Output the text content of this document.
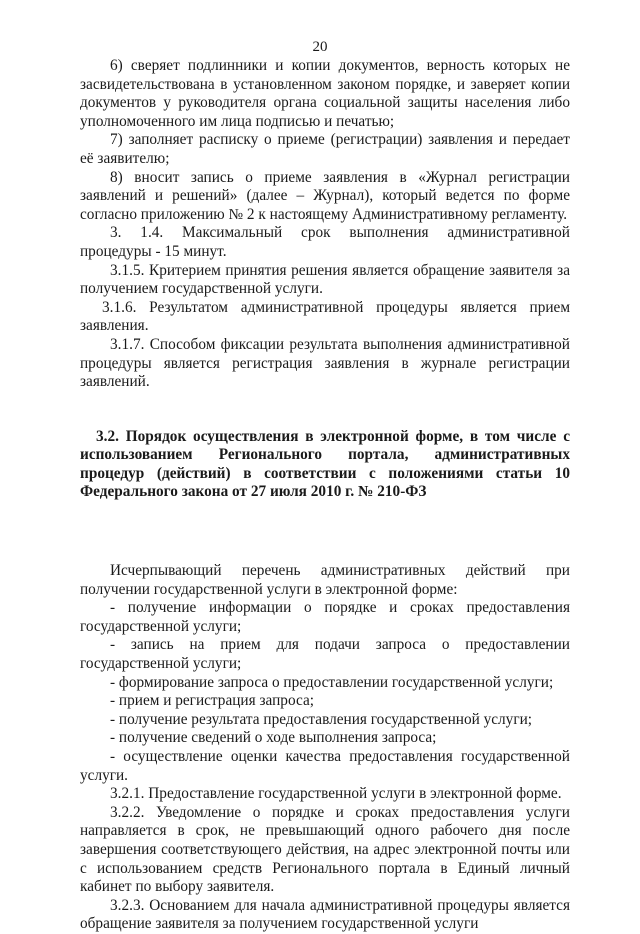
20

6) сверяет подлинники и копии документов, верность которых не засвидетельствована в установленном законом порядке, и заверяет копии документов у руководителя органа социальной защиты населения либо уполномоченного им лица подписью и печатью;

7) заполняет расписку о приеме (регистрации) заявления и передает её заявителю;

8) вносит запись о приеме заявления в «Журнал регистрации заявлений и решений» (далее – Журнал), который ведется по форме согласно приложению № 2 к настоящему Административному регламенту.

3. 1.4. Максимальный срок выполнения административной процедуры - 15 минут.

3.1.5. Критерием принятия решения является обращение заявителя за получением государственной услуги.

3.1.6. Результатом административной процедуры является прием заявления.

3.1.7. Способом фиксации результата выполнения административной процедуры является регистрация заявления в журнале регистрации заявлений.

3.2. Порядок осуществления в электронной форме, в том числе с использованием Регионального портала, административных процедур (действий) в соответствии с положениями статьи 10 Федерального закона от 27 июля 2010 г. № 210-ФЗ

Исчерпывающий перечень административных действий при получении государственной услуги в электронной форме:

- получение информации о порядке и сроках предоставления государственной услуги;

- запись на прием для подачи запроса о предоставлении государственной услуги;

- формирование запроса о предоставлении государственной услуги;

- прием и регистрация запроса;

- получение результата предоставления государственной услуги;

- получение сведений о ходе выполнения запроса;

- осуществление оценки качества предоставления государственной услуги.

3.2.1. Предоставление государственной услуги в электронной форме.

3.2.2. Уведомление о порядке и сроках предоставления услуги направляется в срок, не превышающий одного рабочего дня после завершения соответствующего действия, на адрес электронной почты или с использованием средств Регионального портала в Единый личный кабинет по выбору заявителя.

3.2.3. Основанием для начала административной процедуры является обращение заявителя за получением государственной услуги
